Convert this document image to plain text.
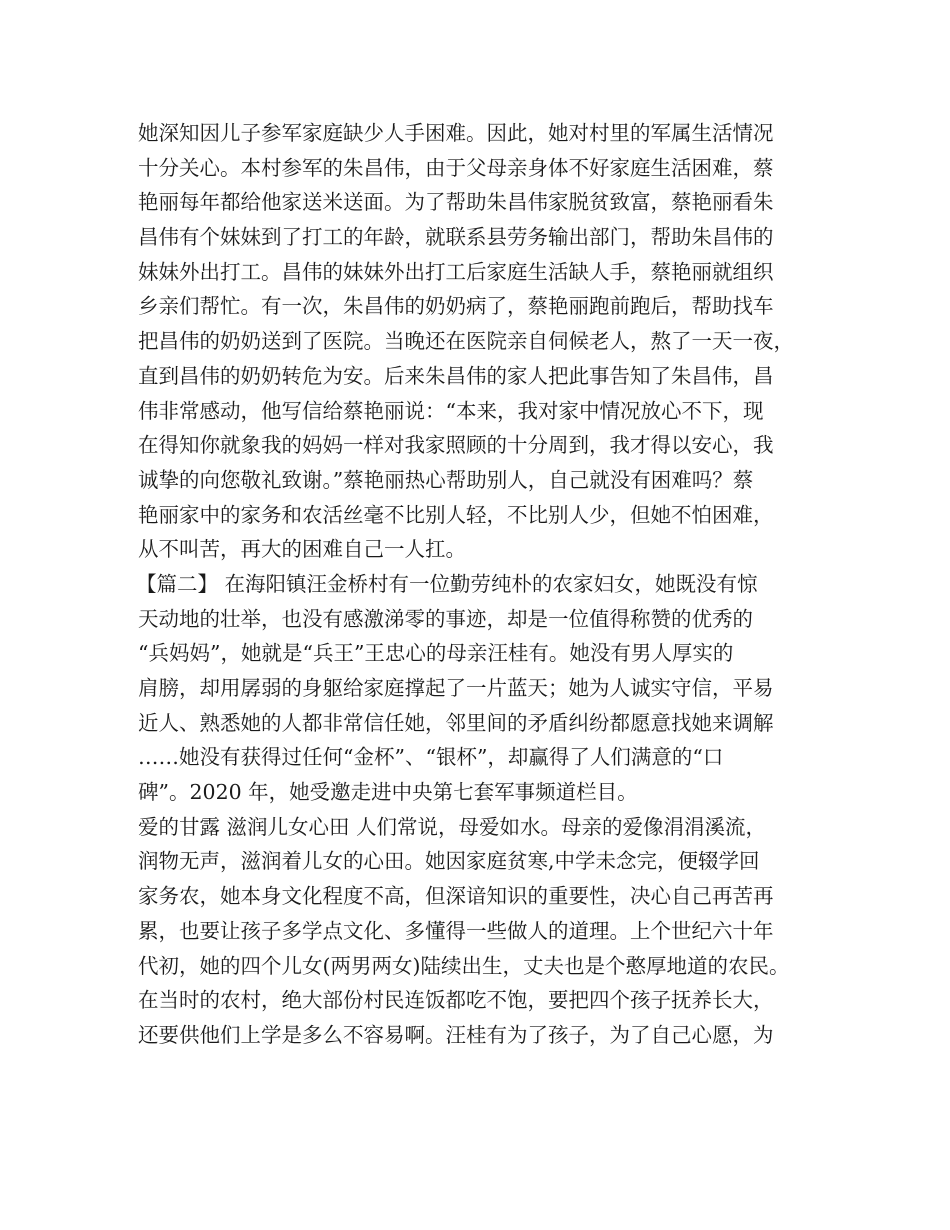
她深知因儿子参军家庭缺少人手困难。因此，她对村里的军属生活情况
十分关心。本村参军的朱昌伟，由于父母亲身体不好家庭生活困难，蔡
艳丽每年都给他家送米送面。为了帮助朱昌伟家脱贫致富，蔡艳丽看朱
昌伟有个妹妹到了打工的年龄，就联系县劳务输出部门，帮助朱昌伟的
妹妹外出打工。昌伟的妹妹外出打工后家庭生活缺人手，蔡艳丽就组织
乡亲们帮忙。有一次，朱昌伟的奶奶病了，蔡艳丽跑前跑后，帮助找车
把昌伟的奶奶送到了医院。当晚还在医院亲自伺候老人，熬了一天一夜，
直到昌伟的奶奶转危为安。后来朱昌伟的家人把此事告知了朱昌伟，昌
伟非常感动，他写信给蔡艳丽说：“本来，我对家中情况放心不下，现
在得知你就象我的妈妈一样对我家照顾的十分周到，我才得以安心，我
诚挚的向您敬礼致谢。”蔡艳丽热心帮助别人，自己就没有困难吗？蔡
艳丽家中的家务和农活丝毫不比别人轻，不比别人少，但她不怕困难，
从不叫苦，再大的困难自己一人扛。
【篇二】 在海阳镇汪金桥村有一位勤劳纯朴的农家妇女，她既没有惊
天动地的壮举，也没有感激涕零的事迹，却是一位值得称赞的优秀的
“兵妈妈”，她就是“兵王”王忠心的母亲汪桂有。她没有男人厚实的
肩膀，却用孱弱的身躯给家庭撑起了一片蓝天；她为人诚实守信，平易
近人、熟悉她的人都非常信任她，邻里间的矛盾纠纷都愿意找她来调解
……她没有获得过任何“金杯”、“银杯”，却赢得了人们满意的“口
碑”。2020 年，她受邀走进中央第七套军事频道栏目。
爱的甘露 滋润儿女心田 人们常说，母爱如水。母亲的爱像涓涓溪流，
润物无声，滋润着儿女的心田。她因家庭贫寒,中学未念完，便辍学回
家务农，她本身文化程度不高，但深谙知识的重要性，决心自己再苦再
累，也要让孩子多学点文化、多懂得一些做人的道理。上个世纪六十年
代初，她的四个儿女(两男两女)陆续出生，丈夫也是个憨厚地道的农民。
在当时的农村，绝大部份村民连饭都吃不饱，要把四个孩子抚养长大，
还要供他们上学是多么不容易啊。汪桂有为了孩子，为了自己心愿，为
